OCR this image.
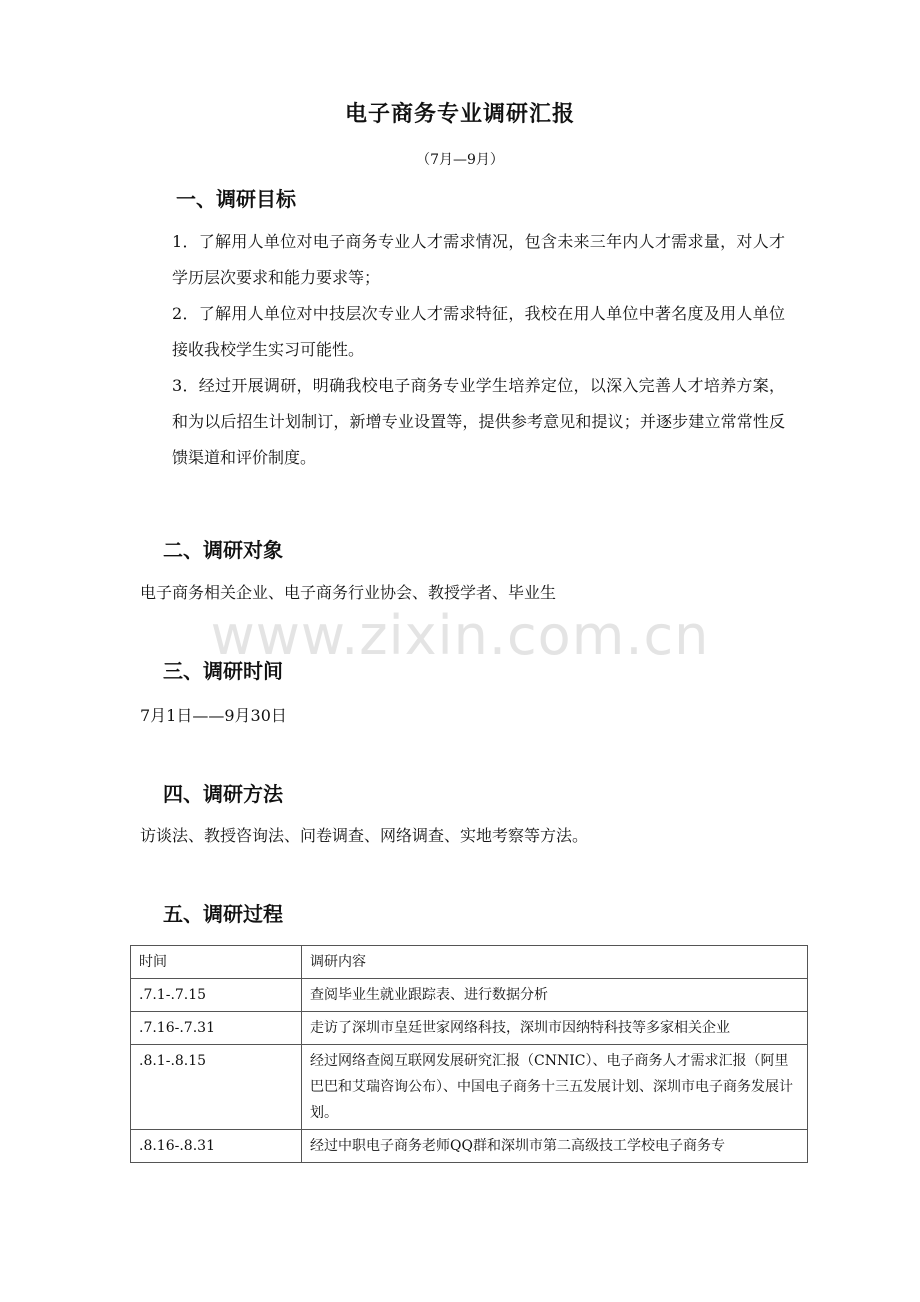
www.zixin.com.cn
电子商务专业调研汇报
（7月—9月）
一、调研目标
1．了解用人单位对电子商务专业人才需求情况，包含未来三年内人才需求量，对人才学历层次要求和能力要求等；
2．了解用人单位对中技层次专业人才需求特征，我校在用人单位中著名度及用人单位接收我校学生实习可能性。
3．经过开展调研，明确我校电子商务专业学生培养定位，以深入完善人才培养方案，和为以后招生计划制订，新增专业设置等，提供参考意见和提议；并逐步建立常常性反馈渠道和评价制度。
二、调研对象
电子商务相关企业、电子商务行业协会、教授学者、毕业生
三、调研时间
7月1日——9月30日
四、调研方法
访谈法、教授咨询法、问卷调查、网络调查、实地考察等方法。
五、调研过程
时间	调研内容
.7.1-.7.15	查阅毕业生就业跟踪表、进行数据分析
.7.16-.7.31	走访了深圳市皇廷世家网络科技，深圳市因纳特科技等多家相关企业
.8.1-.8.15	经过网络查阅互联网发展研究汇报（CNNIC）、电子商务人才需求汇报（阿里巴巴和艾瑞咨询公布）、中国电子商务十三五发展计划、深圳市电子商务发展计划。
.8.16-.8.31	经过中职电子商务老师QQ群和深圳市第二高级技工学校电子商务专
